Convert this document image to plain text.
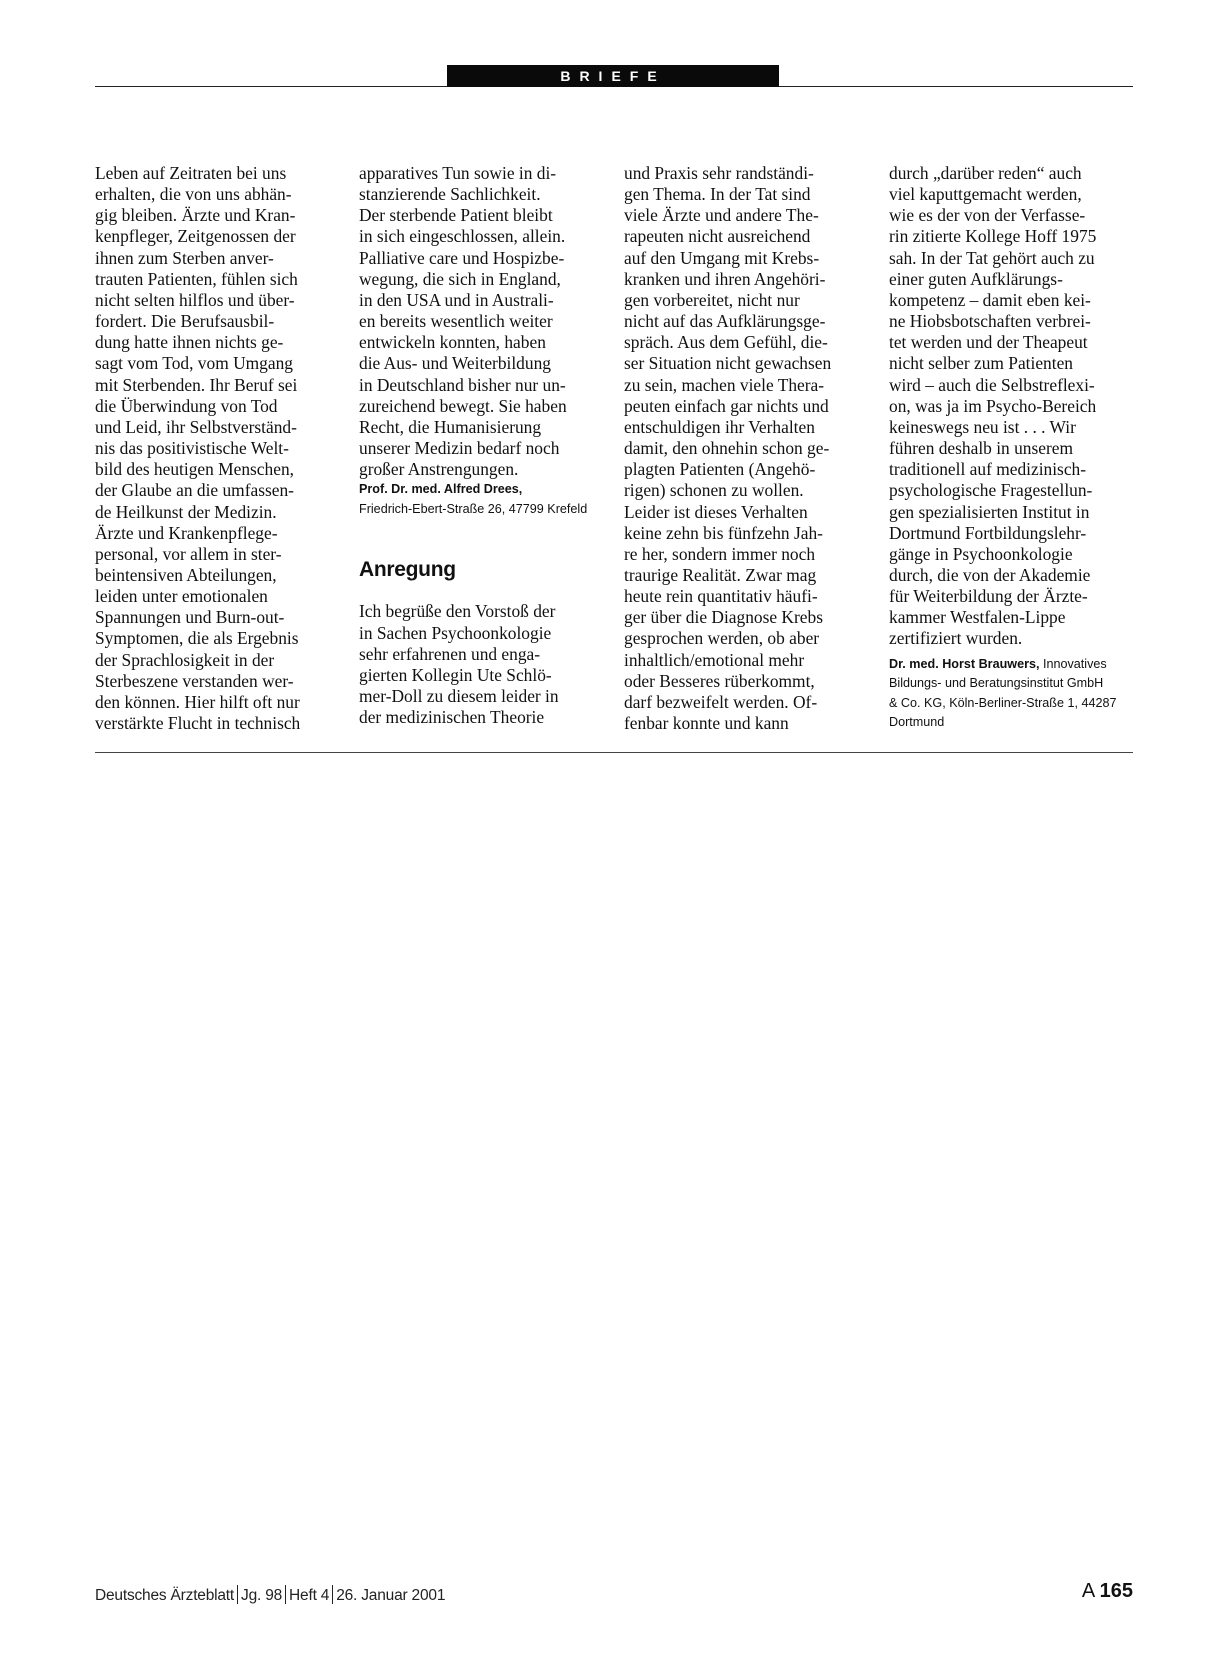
BRIEFE
Leben auf Zeitraten bei uns
erhalten, die von uns abhän-
gig bleiben. Ärzte und Kran-
kenpfleger, Zeitgenossen der
ihnen zum Sterben anver-
trauten Patienten, fühlen sich
nicht selten hilflos und über-
fordert. Die Berufsausbil-
dung hatte ihnen nichts ge-
sagt vom Tod, vom Umgang
mit Sterbenden. Ihr Beruf sei
die Überwindung von Tod
und Leid, ihr Selbstverständ-
nis das positivistische Welt-
bild des heutigen Menschen,
der Glaube an die umfassen-
de Heilkunst der Medizin.
Ärzte und Krankenpflege-
personal, vor allem in ster-
beintensiven Abteilungen,
leiden unter emotionalen
Spannungen und Burn-out-
Symptomen, die als Ergebnis
der Sprachlosigkeit in der
Sterbeszene verstanden wer-
den können. Hier hilft oft nur
verstärkte Flucht in technisch
apparatives Tun sowie in di-
stanzierende Sachlichkeit.
Der sterbende Patient bleibt
in sich eingeschlossen, allein.
Palliative care und Hospizbe-
wegung, die sich in England,
in den USA und in Australi-
en bereits wesentlich weiter
entwickeln konnten, haben
die Aus- und Weiterbildung
in Deutschland bisher nur un-
zureichend bewegt. Sie haben
Recht, die Humanisierung
unserer Medizin bedarf noch
großer Anstrengungen.
Prof. Dr. med. Alfred Drees,
Friedrich-Ebert-Straße 26, 47799 Krefeld
Anregung
Ich begrüße den Vorstoß der
in Sachen Psychoonkologie
sehr erfahrenen und enga-
gierten Kollegin Ute Schlö-
mer-Doll zu diesem leider in
der medizinischen Theorie
und Praxis sehr randständi-
gen Thema. In der Tat sind
viele Ärzte und andere The-
rapeuten nicht ausreichend
auf den Umgang mit Krebs-
kranken und ihren Angehöri-
gen vorbereitet, nicht nur
nicht auf das Aufklärungsge-
spräch. Aus dem Gefühl, die-
ser Situation nicht gewachsen
zu sein, machen viele Thera-
peuten einfach gar nichts und
entschuldigen ihr Verhalten
damit, den ohnehin schon ge-
plagten Patienten (Angehö-
rigen) schonen zu wollen.
Leider ist dieses Verhalten
keine zehn bis fünfzehn Jah-
re her, sondern immer noch
traurige Realität. Zwar mag
heute rein quantitativ häufi-
ger über die Diagnose Krebs
gesprochen werden, ob aber
inhaltlich/emotional mehr
oder Besseres rüberkommt,
darf bezweifelt werden. Of-
fenbar konnte und kann
durch „darüber reden“ auch
viel kaputtgemacht werden,
wie es der von der Verfasse-
rin zitierte Kollege Hoff 1975
sah. In der Tat gehört auch zu
einer guten Aufklärungs-
kompetenz – damit eben kei-
ne Hiobsbotschaften verbrei-
tet werden und der Theapeut
nicht selber zum Patienten
wird – auch die Selbstreflexi-
on, was ja im Psycho-Bereich
keineswegs neu ist . . . Wir
führen deshalb in unserem
traditionell auf medizinisch-
psychologische Fragestellun-
gen spezialisierten Institut in
Dortmund Fortbildungslehr-
gänge in Psychoonkologie
durch, die von der Akademie
für Weiterbildung der Ärzte-
kammer Westfalen-Lippe
zertifiziert wurden.
Dr. med. Horst Brauwers, Innovatives
Bildungs- und Beratungsinstitut GmbH
& Co. KG, Köln-Berliner-Straße 1, 44287
Dortmund
Deutsches Ärzteblatt Jg. 98 Heft 4 26. Januar 2001	A 165
